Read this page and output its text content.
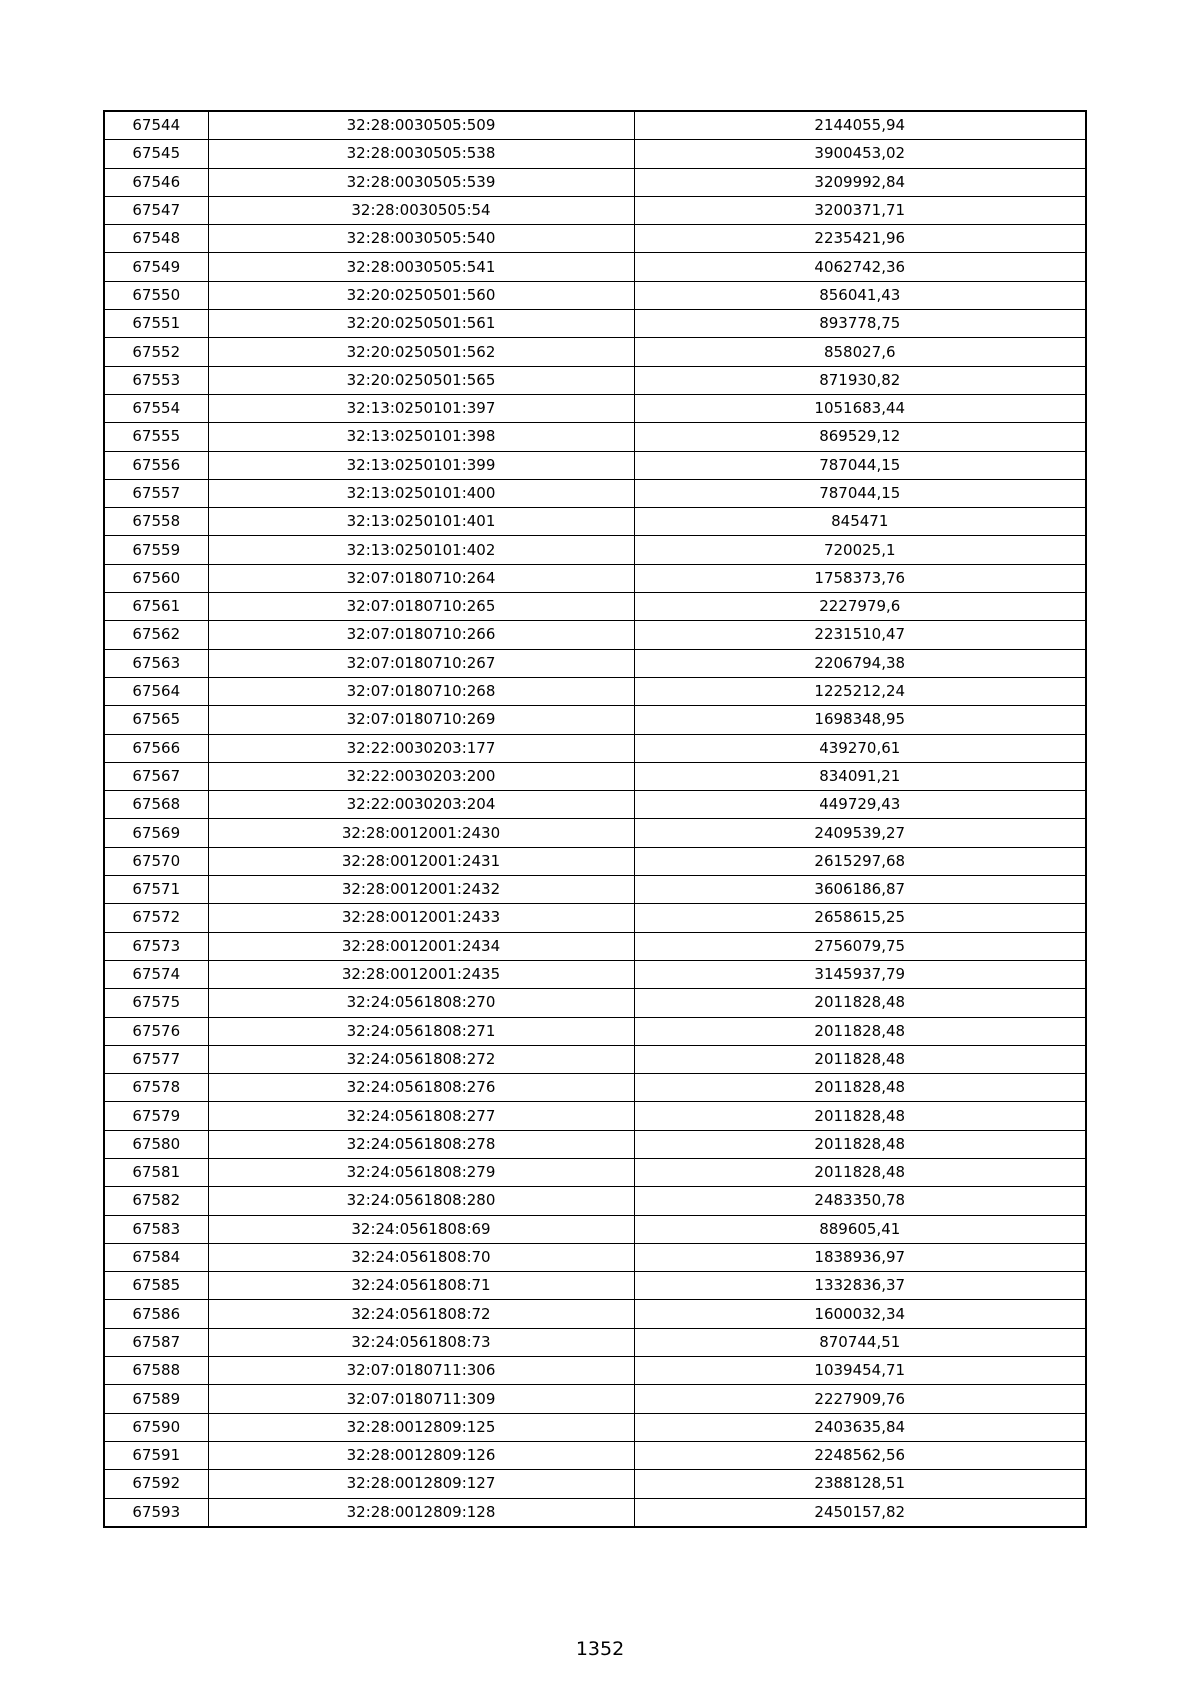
67544	32:28:0030505:509	2144055,94
67545	32:28:0030505:538	3900453,02
67546	32:28:0030505:539	3209992,84
67547	32:28:0030505:54	3200371,71
67548	32:28:0030505:540	2235421,96
67549	32:28:0030505:541	4062742,36
67550	32:20:0250501:560	856041,43
67551	32:20:0250501:561	893778,75
67552	32:20:0250501:562	858027,6
67553	32:20:0250501:565	871930,82
67554	32:13:0250101:397	1051683,44
67555	32:13:0250101:398	869529,12
67556	32:13:0250101:399	787044,15
67557	32:13:0250101:400	787044,15
67558	32:13:0250101:401	845471
67559	32:13:0250101:402	720025,1
67560	32:07:0180710:264	1758373,76
67561	32:07:0180710:265	2227979,6
67562	32:07:0180710:266	2231510,47
67563	32:07:0180710:267	2206794,38
67564	32:07:0180710:268	1225212,24
67565	32:07:0180710:269	1698348,95
67566	32:22:0030203:177	439270,61
67567	32:22:0030203:200	834091,21
67568	32:22:0030203:204	449729,43
67569	32:28:0012001:2430	2409539,27
67570	32:28:0012001:2431	2615297,68
67571	32:28:0012001:2432	3606186,87
67572	32:28:0012001:2433	2658615,25
67573	32:28:0012001:2434	2756079,75
67574	32:28:0012001:2435	3145937,79
67575	32:24:0561808:270	2011828,48
67576	32:24:0561808:271	2011828,48
67577	32:24:0561808:272	2011828,48
67578	32:24:0561808:276	2011828,48
67579	32:24:0561808:277	2011828,48
67580	32:24:0561808:278	2011828,48
67581	32:24:0561808:279	2011828,48
67582	32:24:0561808:280	2483350,78
67583	32:24:0561808:69	889605,41
67584	32:24:0561808:70	1838936,97
67585	32:24:0561808:71	1332836,37
67586	32:24:0561808:72	1600032,34
67587	32:24:0561808:73	870744,51
67588	32:07:0180711:306	1039454,71
67589	32:07:0180711:309	2227909,76
67590	32:28:0012809:125	2403635,84
67591	32:28:0012809:126	2248562,56
67592	32:28:0012809:127	2388128,51
67593	32:28:0012809:128	2450157,82
1352
